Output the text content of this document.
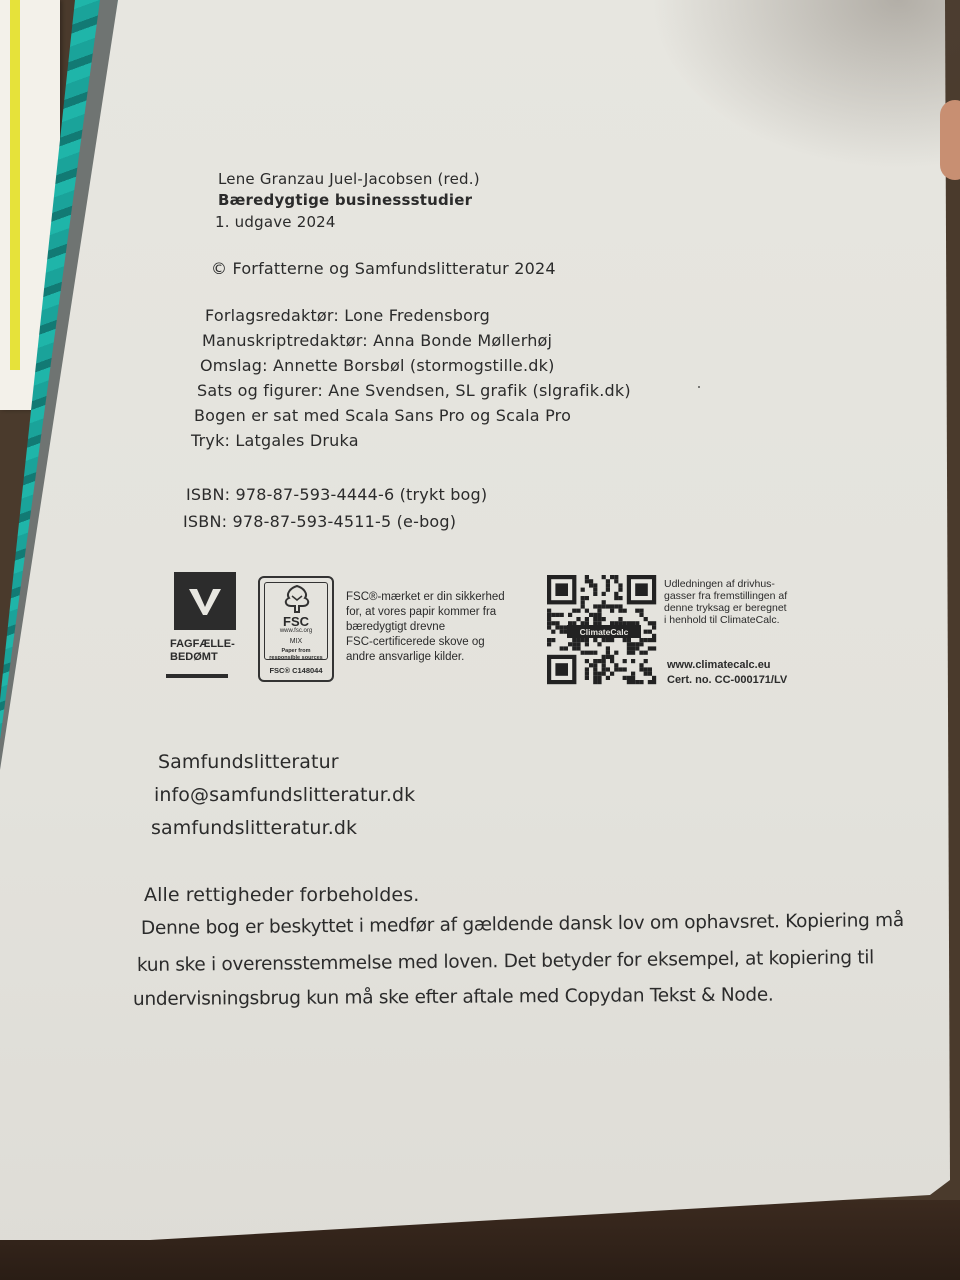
Lene Granzau Juel-Jacobsen (red.)
Bæredygtige businessstudier
1. udgave 2024
© Forfatterne og Samfundslitteratur 2024
Forlagsredaktør: Lone Fredensborg
Manuskriptredaktør: Anna Bonde Møllerhøj
Omslag: Annette Borsbøl (stormogstille.dk)
Sats og figurer: Ane Svendsen, SL grafik (slgrafik.dk)
Bogen er sat med Scala Sans Pro og Scala Pro
Tryk: Latgales Druka
ISBN: 978-87-593-4444-6 (trykt bog)
ISBN: 978-87-593-4511-5 (e-bog)
FAGFÆLLE-
BEDØMT
FSC
www.fsc.org
MIX
Paper from
responsible sources
FSC® C148044
FSC®-mærket er din sikkerhed
for, at vores papir kommer fra
bæredygtigt drevne
FSC-certificerede skove og
andre ansvarlige kilder.
ClimateCalc
Udledningen af drivhus-
gasser fra fremstillingen af
denne tryksag er beregnet
i henhold til ClimateCalc.
www.climatecalc.eu
Cert. no. CC-000171/LV
Samfundslitteratur
info@samfundslitteratur.dk
samfundslitteratur.dk
Alle rettigheder forbeholdes.
Denne bog er beskyttet i medfør af gældende dansk lov om ophavsret. Kopiering må
kun ske i overensstemmelse med loven. Det betyder for eksempel, at kopiering til
undervisningsbrug kun må ske efter aftale med Copydan Tekst & Node.
